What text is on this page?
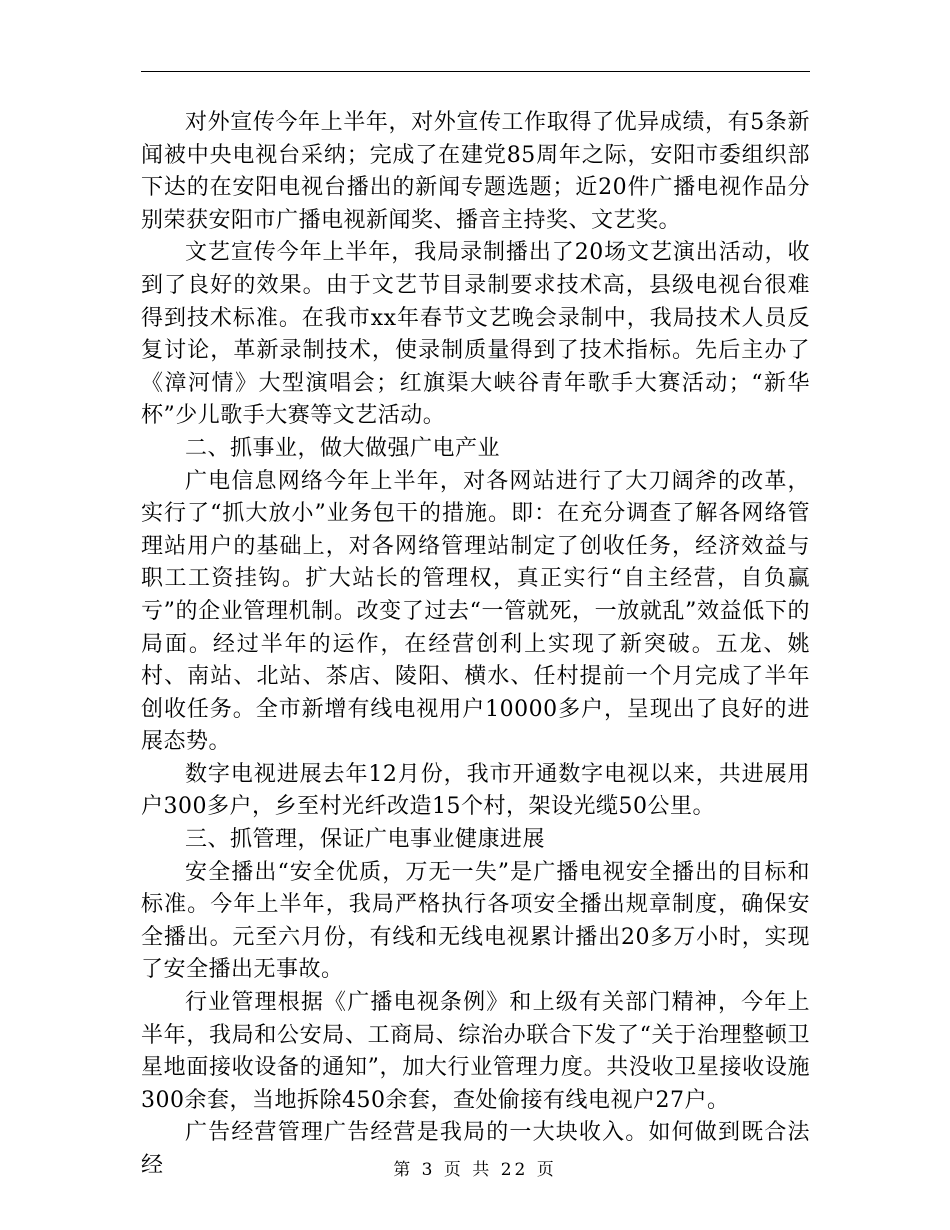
对外宣传今年上半年，对外宣传工作取得了优异成绩，有5条新闻被中央电视台采纳；完成了在建党85周年之际，安阳市委组织部下达的在安阳电视台播出的新闻专题选题；近20件广播电视作品分别荣获安阳市广播电视新闻奖、播音主持奖、文艺奖。

文艺宣传今年上半年，我局录制播出了20场文艺演出活动，收到了良好的效果。由于文艺节目录制要求技术高，县级电视台很难得到技术标准。在我市xx年春节文艺晚会录制中，我局技术人员反复讨论，革新录制技术，使录制质量得到了技术指标。先后主办了《漳河情》大型演唱会；红旗渠大峡谷青年歌手大赛活动；“新华杯”少儿歌手大赛等文艺活动。

二、抓事业，做大做强广电产业

广电信息网络今年上半年，对各网站进行了大刀阔斧的改革，实行了“抓大放小”业务包干的措施。即：在充分调查了解各网络管理站用户的基础上，对各网络管理站制定了创收任务，经济效益与职工工资挂钩。扩大站长的管理权，真正实行“自主经营，自负赢亏”的企业管理机制。改变了过去“一管就死，一放就乱”效益低下的局面。经过半年的运作，在经营创利上实现了新突破。五龙、姚村、南站、北站、茶店、陵阳、横水、任村提前一个月完成了半年创收任务。全市新增有线电视用户10000多户，呈现出了良好的进展态势。

数字电视进展去年12月份，我市开通数字电视以来，共进展用户300多户，乡至村光纤改造15个村，架设光缆50公里。

三、抓管理，保证广电事业健康进展

安全播出“安全优质，万无一失”是广播电视安全播出的目标和标准。今年上半年，我局严格执行各项安全播出规章制度，确保安全播出。元至六月份，有线和无线电视累计播出20多万小时，实现了安全播出无事故。

行业管理根据《广播电视条例》和上级有关部门精神，今年上半年，我局和公安局、工商局、综治办联合下发了“关于治理整顿卫星地面接收设备的通知”，加大行业管理力度。共没收卫星接收设施300余套，当地拆除450余套，查处偷接有线电视户27户。

广告经营管理广告经营是我局的一大块收入。如何做到既合法经	第 3 页 共 22 页
